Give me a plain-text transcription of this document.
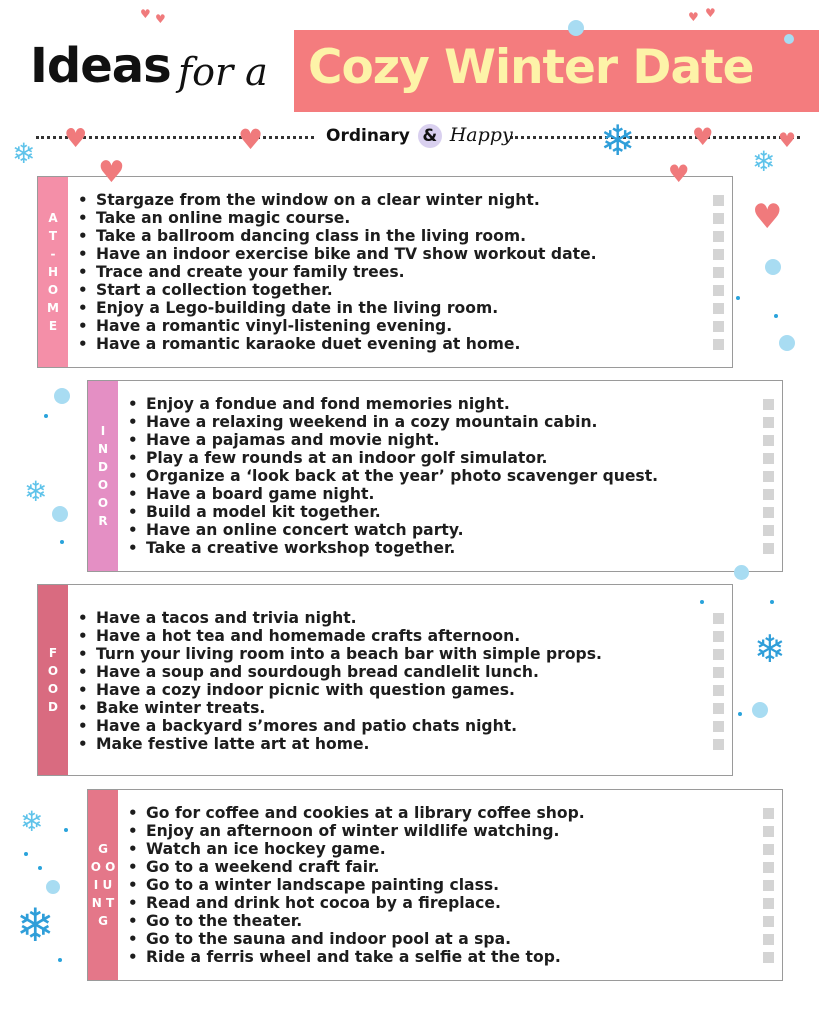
Ideas for a Cozy Winter Date
Ordinary & Happy
A
T
-
H
O
M
E
• Stargaze from the window on a clear winter night.
• Take an online magic course.
• Take a ballroom dancing class in the living room.
• Have an indoor exercise bike and TV show workout date.
• Trace and create your family trees.
• Start a collection together.
• Enjoy a Lego-building date in the living room.
• Have a romantic vinyl-listening evening.
• Have a romantic karaoke duet evening at home.
I
N
D
O
O
R
• Enjoy a fondue and fond memories night.
• Have a relaxing weekend in a cozy mountain cabin.
• Have a pajamas and movie night.
• Play a few rounds at an indoor golf simulator.
• Organize a ‘look back at the year’ photo scavenger quest.
• Have a board game night.
• Build a model kit together.
• Have an online concert watch party.
• Take a creative workshop together.
F
O
O
D
• Have a tacos and trivia night.
• Have a hot tea and homemade crafts afternoon.
• Turn your living room into a beach bar with simple props.
• Have a soup and sourdough bread candlelit lunch.
• Have a cozy indoor picnic with question games.
• Bake winter treats.
• Have a backyard s’mores and patio chats night.
• Make festive latte art at home.
G
O O
I U
N T
G
• Go for coffee and cookies at a library coffee shop.
• Enjoy an afternoon of winter wildlife watching.
• Watch an ice hockey game.
• Go to a weekend craft fair.
• Go to a winter landscape painting class.
• Read and drink hot cocoa by a fireplace.
• Go to the theater.
• Go to the sauna and indoor pool at a spa.
• Ride a ferris wheel and take a selfie at the top.
♥ ♥	♥ ♥
♥	♥
♥	♥
♥	♥
♥
❄	❄	❄
❄
❄
❄
❄
